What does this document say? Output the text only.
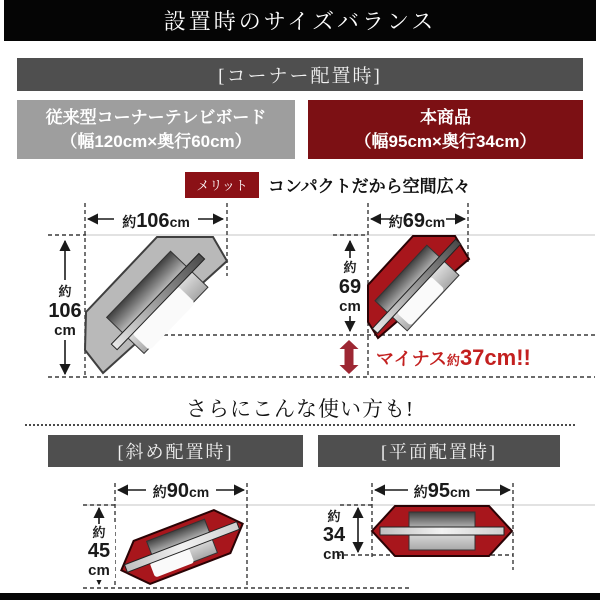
設置時のサイズバランス
[コーナー配置時]
従来型コーナーテレビボード
（幅120cm×奥行60cm）
本商品
（幅95cm×奥行34cm）
メリット	コンパクトだから空間広々
約106cm
約
106
cm
約69cm
約
69
cm
マイナス約37cm!!
約90cm
約
45
cm
約95cm
約
34
cm
さらにこんな使い方も!
[斜め配置時]	[平面配置時]
